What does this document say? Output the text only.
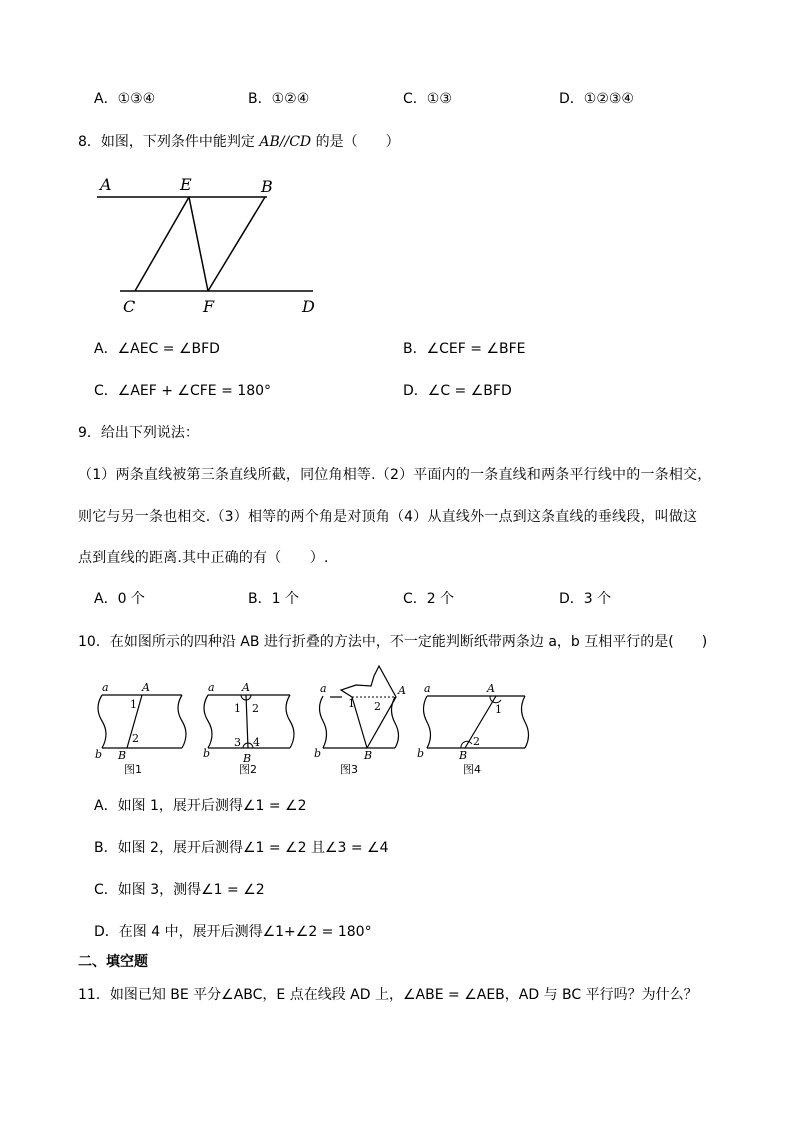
A．①③④	B．①②④	C．①③	D．①②③④
8．如图，下列条件中能判定 AB//CD 的是（　　）
A	E	B
C	F	D
A．∠AEC = ∠BFD	B．∠CEF = ∠BFE
C．∠AEF + ∠CFE = 180°	D．∠C = ∠BFD
9．给出下列说法：
（1）两条直线被第三条直线所截，同位角相等.（2）平面内的一条直线和两条平行线中的一条相交，
则它与另一条也相交.（3）相等的两个角是对顶角（4）从直线外一点到这条直线的垂线段，叫做这
点到直线的距离.其中正确的有（　　）.
A．0 个	B．1 个	C．2 个	D．3 个
10．在如图所示的四种沿 AB 进行折叠的方法中，不一定能判断纸带两条边 a，b 互相平行的是(　　)
a	A
b B
1
2
图1
a A
b	B
1 2
3 4
图2
a	A
b	B
1 2
图3
a	A
b	B
1
2
图4
A．如图 1，展开后测得∠1 = ∠2
B．如图 2，展开后测得∠1 = ∠2 且∠3 = ∠4
C．如图 3，测得∠1 = ∠2
D．在图 4 中，展开后测得∠1+∠2 = 180°
二、填空题
11．如图已知 BE 平分∠ABC，E 点在线段 AD 上，∠ABE = ∠AEB，AD 与 BC 平行吗？为什么？
